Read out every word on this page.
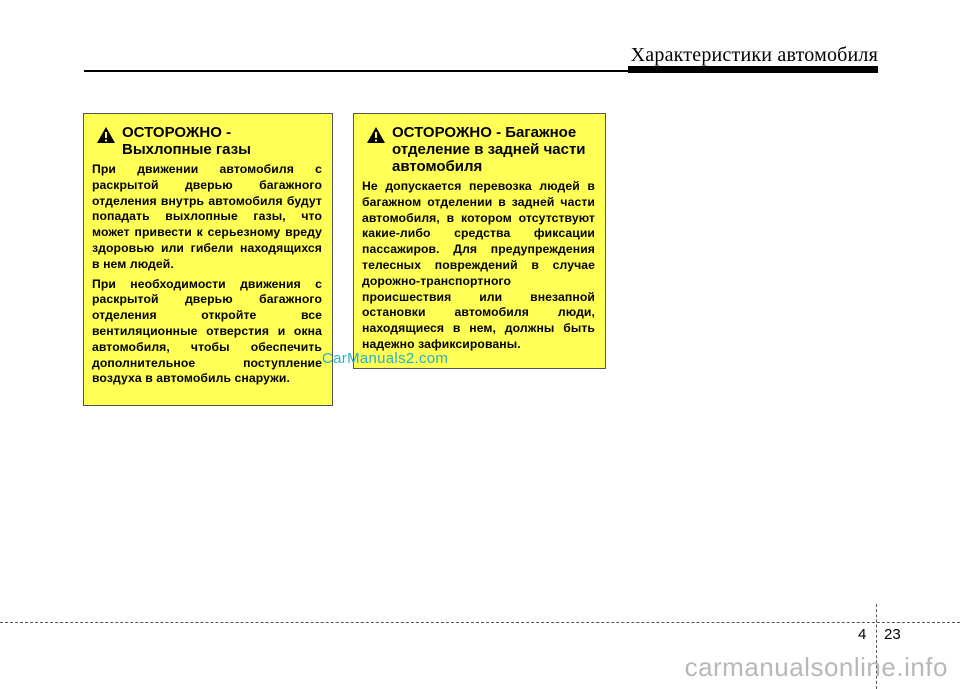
Характеристики автомобиля
ОСТОРОЖНО -
Выхлопные газы

При движении автомобиля с раскрытой дверью багажного отделения внутрь автомобиля будут попадать выхлопные газы, что может привести к серьезному вреду здоровью или гибели находящихся в нем людей.

При необходимости движения с раскрытой дверью багажного отделения откройте все вентиляционные отверстия и окна автомобиля, чтобы обеспечить дополнительное поступление воздуха в автомобиль снаружи.

ОСТОРОЖНО - Багажное
отделение в задней части
автомобиля

Не допускается перевозка людей в багажном отделении в задней части автомобиля, в котором отсутствуют какие-либо средства фиксации пассажиров. Для предупреждения телесных повреждений в случае дорожно-транспортного происшествия или внезапной остановки автомобиля люди, находящиеся в нем, должны быть надежно зафиксированы.

CarManuals2.com
4 23
carmanualsonline.info
